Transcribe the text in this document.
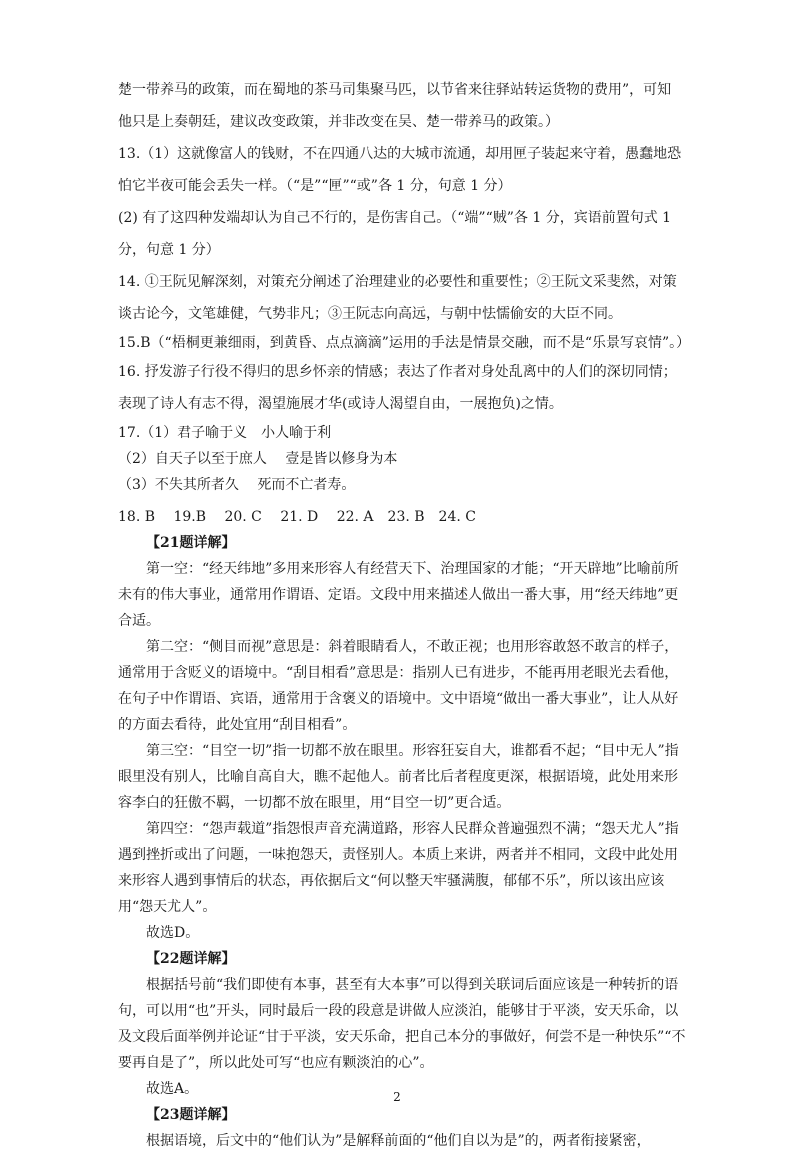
楚一带养马的政策，而在蜀地的茶马司集聚马匹，以节省来往驿站转运货物的费用”，可知

他只是上奏朝廷，建议改变政策，并非改变在吴、楚一带养马的政策。）

13.（1）这就像富人的钱财，不在四通八达的大城市流通，却用匣子装起来守着，愚蠢地恐

怕它半夜可能会丢失一样。（“是”“匣”“或”各 1 分，句意 1 分）

(2) 有了这四种发端却认为自己不行的，是伤害自己。（“端”“贼”各 1 分，宾语前置句式 1

分，句意 1 分）

14. ①王阮见解深刻，对策充分阐述了治理建业的必要性和重要性；②王阮文采斐然，对策

谈古论今，文笔雄健，气势非凡；③王阮志向高远，与朝中怯懦偷安的大臣不同。

15.B（“梧桐更兼细雨，到黄昏、点点滴滴”运用的手法是情景交融，而不是“乐景写哀情”。）

16. 抒发游子行役不得归的思乡怀亲的情感；表达了作者对身处乱离中的人们的深切同情；

表现了诗人有志不得，渴望施展才华(或诗人渴望自由，一展抱负)之情。

17.（1）君子喻于义　小人喻于利

（2）自天子以至于庶人　 壹是皆以修身为本

（3）不失其所者久　 死而不亡者寿。

18. B　 19.B　 20. C　 21. D　 22. A　23. B　24. C

【21题详解】

第一空：“经天纬地”多用来形容人有经营天下、治理国家的才能；“开天辟地”比喻前所未有的伟大事业，通常用作谓语、定语。文段中用来描述人做出一番大事，用“经天纬地”更合适。

第二空：“侧目而视”意思是：斜着眼睛看人，不敢正视；也用形容敢怒不敢言的样子，通常用于含贬义的语境中。“刮目相看”意思是：指别人已有进步，不能再用老眼光去看他，在句子中作谓语、宾语，通常用于含褒义的语境中。文中语境“做出一番大事业”，让人从好的方面去看待，此处宜用“刮目相看”。

第三空：“目空一切”指一切都不放在眼里。形容狂妄自大，谁都看不起；“目中无人”指眼里没有别人，比喻自高自大，瞧不起他人。前者比后者程度更深，根据语境，此处用来形容李白的狂傲不羁，一切都不放在眼里，用“目空一切”更合适。

第四空：“怨声载道”指怨恨声音充满道路，形容人民群众普遍强烈不满；“怨天尤人”指遇到挫折或出了问题，一味抱怨天，责怪别人。本质上来讲，两者并不相同，文段中此处用来形容人遇到事情后的状态，再依据后文“何以整天牢骚满腹，郁郁不乐”，所以该出应该用“怨天尤人”。

故选D。

【22题详解】

根据括号前“我们即使有本事，甚至有大本事”可以得到关联词后面应该是一种转折的语句，可以用“也”开头，同时最后一段的段意是讲做人应淡泊，能够甘于平淡，安天乐命，以及文段后面举例并论证“甘于平淡，安天乐命，把自己本分的事做好，何尝不是一种快乐”“不要再自是了”，所以此处可写“也应有颗淡泊的心”。

故选A。

【23题详解】

根据语境，后文中的“他们认为”是解释前面的“他们自以为是”的，两者衔接紧密，

2
